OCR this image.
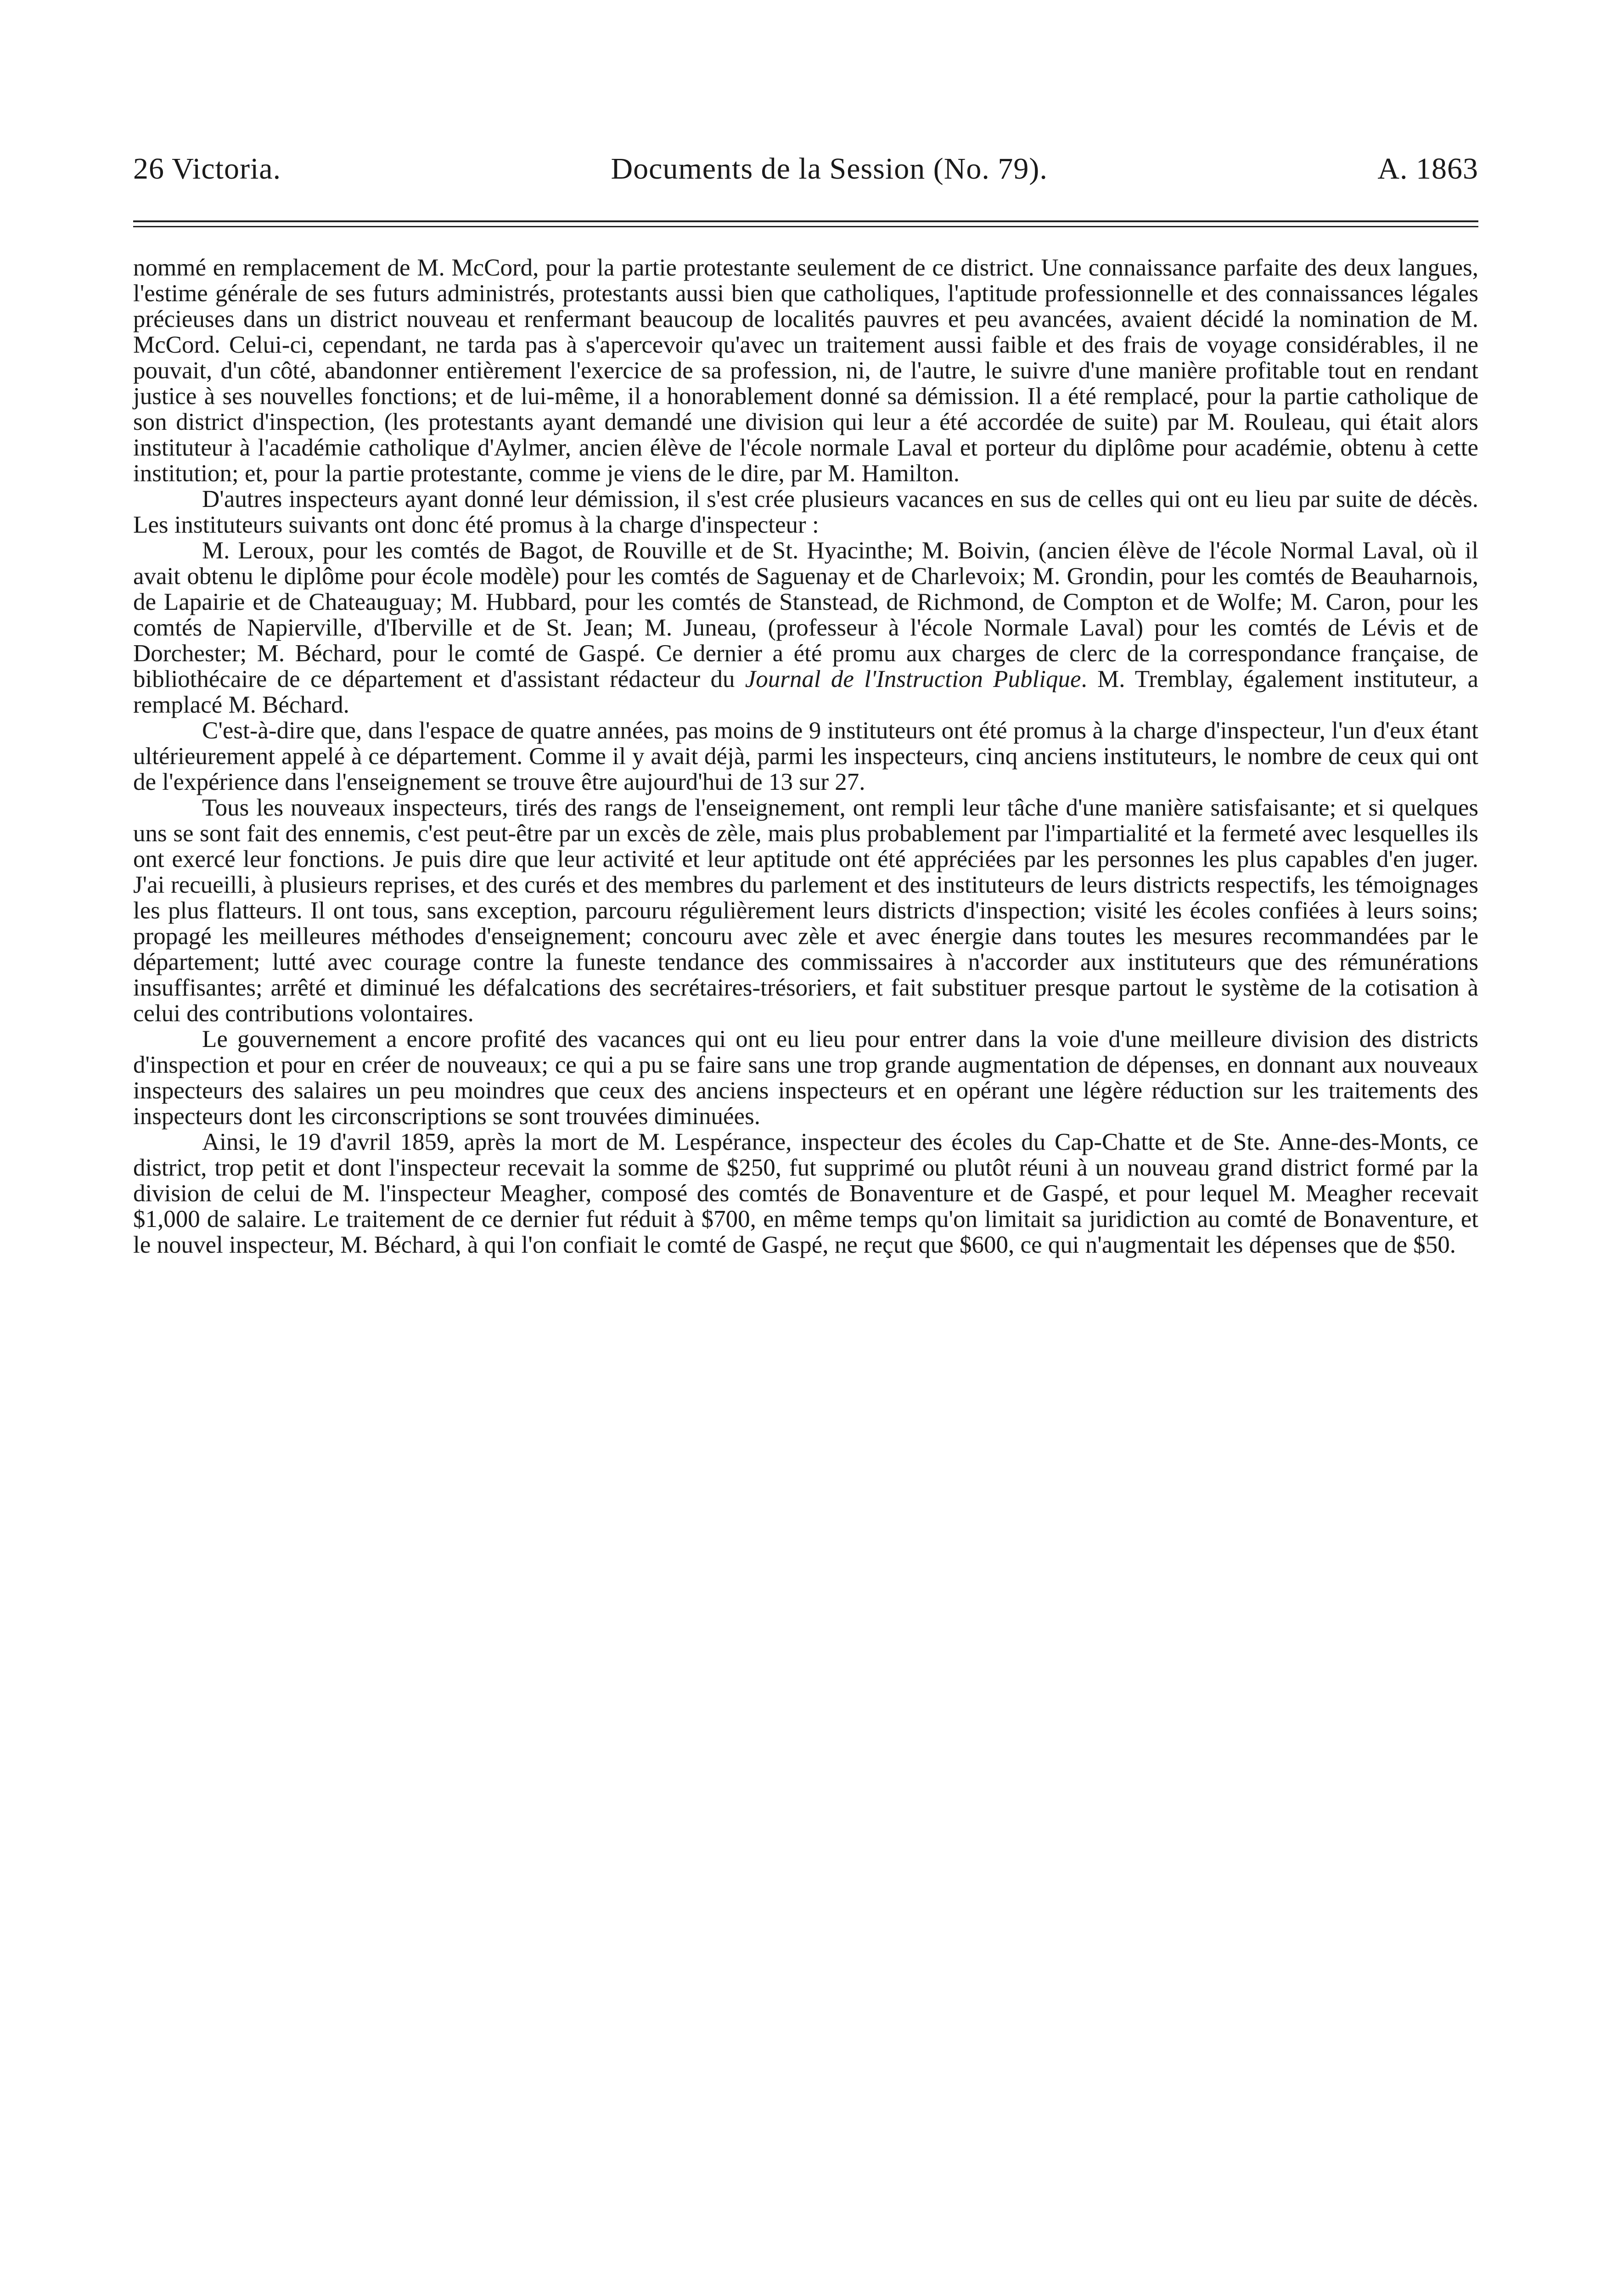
26 Victoria.	Documents de la Session (No. 79).	A. 1863

nommé en remplacement de M. McCord, pour la partie protestante seulement de ce district. Une connaissance parfaite des deux langues, l'estime générale de ses futurs administrés, protestants aussi bien que catholiques, l'aptitude professionnelle et des connaissances légales précieuses dans un district nouveau et renfermant beaucoup de localités pauvres et peu avancées, avaient décidé la nomination de M. McCord. Celui-ci, cependant, ne tarda pas à s'apercevoir qu'avec un traitement aussi faible et des frais de voyage considérables, il ne pouvait, d'un côté, abandonner entièrement l'exercice de sa profession, ni, de l'autre, le suivre d'une manière profitable tout en rendant justice à ses nouvelles fonctions; et de lui-même, il a honorablement donné sa démission. Il a été remplacé, pour la partie catholique de son district d'inspection, (les protestants ayant demandé une division qui leur a été accordée de suite) par M. Rouleau, qui était alors instituteur à l'académie catholique d'Aylmer, ancien élève de l'école normale Laval et porteur du diplôme pour académie, obtenu à cette institution; et, pour la partie protestante, comme je viens de le dire, par M. Hamilton.

D'autres inspecteurs ayant donné leur démission, il s'est crée plusieurs vacances en sus de celles qui ont eu lieu par suite de décès. Les instituteurs suivants ont donc été promus à la charge d'inspecteur :

M. Leroux, pour les comtés de Bagot, de Rouville et de St. Hyacinthe; M. Boivin, (ancien élève de l'école Normal Laval, où il avait obtenu le diplôme pour école modèle) pour les comtés de Saguenay et de Charlevoix; M. Grondin, pour les comtés de Beauharnois, de Lapairie et de Chateauguay; M. Hubbard, pour les comtés de Stanstead, de Richmond, de Compton et de Wolfe; M. Caron, pour les comtés de Napierville, d'Iberville et de St. Jean; M. Juneau, (professeur à l'école Normale Laval) pour les comtés de Lévis et de Dorchester; M. Béchard, pour le comté de Gaspé. Ce dernier a été promu aux charges de clerc de la correspondance française, de bibliothécaire de ce département et d'assistant rédacteur du Journal de l'Instruction Publique. M. Tremblay, également instituteur, a remplacé M. Béchard.

C'est-à-dire que, dans l'espace de quatre années, pas moins de 9 instituteurs ont été promus à la charge d'inspecteur, l'un d'eux étant ultérieurement appelé à ce département. Comme il y avait déjà, parmi les inspecteurs, cinq anciens instituteurs, le nombre de ceux qui ont de l'expérience dans l'enseignement se trouve être aujourd'hui de 13 sur 27.

Tous les nouveaux inspecteurs, tirés des rangs de l'enseignement, ont rempli leur tâche d'une manière satisfaisante; et si quelques uns se sont fait des ennemis, c'est peut-être par un excès de zèle, mais plus probablement par l'impartialité et la fermeté avec lesquelles ils ont exercé leur fonctions. Je puis dire que leur activité et leur aptitude ont été appréciées par les personnes les plus capables d'en juger. J'ai recueilli, à plusieurs reprises, et des curés et des membres du parlement et des instituteurs de leurs districts respectifs, les témoignages les plus flatteurs. Il ont tous, sans exception, parcouru régulièrement leurs districts d'inspection; visité les écoles confiées à leurs soins; propagé les meilleures méthodes d'enseignement; concouru avec zèle et avec énergie dans toutes les mesures recommandées par le département; lutté avec courage contre la funeste tendance des commissaires à n'accorder aux instituteurs que des rémunérations insuffisantes; arrêté et diminué les défalcations des secrétaires-trésoriers, et fait substituer presque partout le système de la cotisation à celui des contributions volontaires.

Le gouvernement a encore profité des vacances qui ont eu lieu pour entrer dans la voie d'une meilleure division des districts d'inspection et pour en créer de nouveaux; ce qui a pu se faire sans une trop grande augmentation de dépenses, en donnant aux nouveaux inspecteurs des salaires un peu moindres que ceux des anciens inspecteurs et en opérant une légère réduction sur les traitements des inspecteurs dont les circonscriptions se sont trouvées diminuées.

Ainsi, le 19 d'avril 1859, après la mort de M. Lespérance, inspecteur des écoles du Cap-Chatte et de Ste. Anne-des-Monts, ce district, trop petit et dont l'inspecteur recevait la somme de $250, fut supprimé ou plutôt réuni à un nouveau grand district formé par la division de celui de M. l'inspecteur Meagher, composé des comtés de Bonaventure et de Gaspé, et pour lequel M. Meagher recevait $1,000 de salaire. Le traitement de ce dernier fut réduit à $700, en même temps qu'on limitait sa juridiction au comté de Bonaventure, et le nouvel inspecteur, M. Béchard, à qui l'on confiait le comté de Gaspé, ne reçut que $600, ce qui n'augmentait les dépenses que de $50.
